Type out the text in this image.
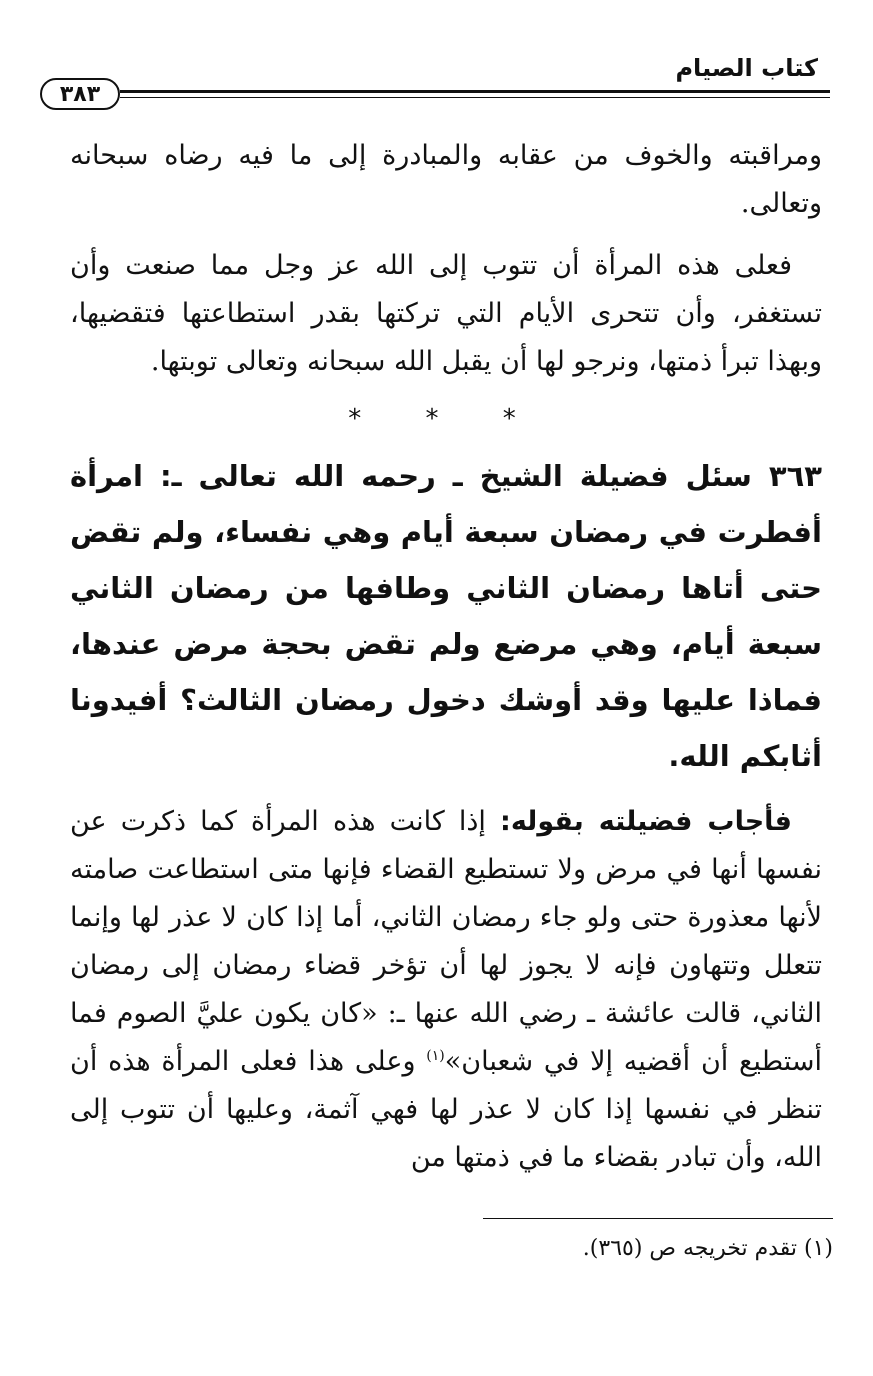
كتاب الصيام
٣٨٣

ومراقبته والخوف من عقابه والمبادرة إلى ما فيه رضاه سبحانه وتعالى.

فعلى هذه المرأة أن تتوب إلى الله عز وجل مما صنعت وأن تستغفر، وأن تتحرى الأيام التي تركتها بقدر استطاعتها فتقضيها، وبهذا تبرأ ذمتها، ونرجو لها أن يقبل الله سبحانه وتعالى توبتها.

* * *

٣٦٣ سئل فضيلة الشيخ ـ رحمه الله تعالى ـ: امرأة أفطرت في رمضان سبعة أيام وهي نفساء، ولم تقض حتى أتاها رمضان الثاني وطافها من رمضان الثاني سبعة أيام، وهي مرضع ولم تقض بحجة مرض عندها، فماذا عليها وقد أوشك دخول رمضان الثالث؟ أفيدونا أثابكم الله.

فأجاب فضيلته بقوله: إذا كانت هذه المرأة كما ذكرت عن نفسها أنها في مرض ولا تستطيع القضاء فإنها متى استطاعت صامته لأنها معذورة حتى ولو جاء رمضان الثاني، أما إذا كان لا عذر لها وإنما تتعلل وتتهاون فإنه لا يجوز لها أن تؤخر قضاء رمضان إلى رمضان الثاني، قالت عائشة ـ رضي الله عنها ـ: «كان يكون عليَّ الصوم فما أستطيع أن أقضيه إلا في شعبان»$^{(١)}$ وعلى هذا فعلى المرأة هذه أن تنظر في نفسها إذا كان لا عذر لها فهي آثمة، وعليها أن تتوب إلى الله، وأن تبادر بقضاء ما في ذمتها من

(١) تقدم تخريجه ص (٣٦٥).
